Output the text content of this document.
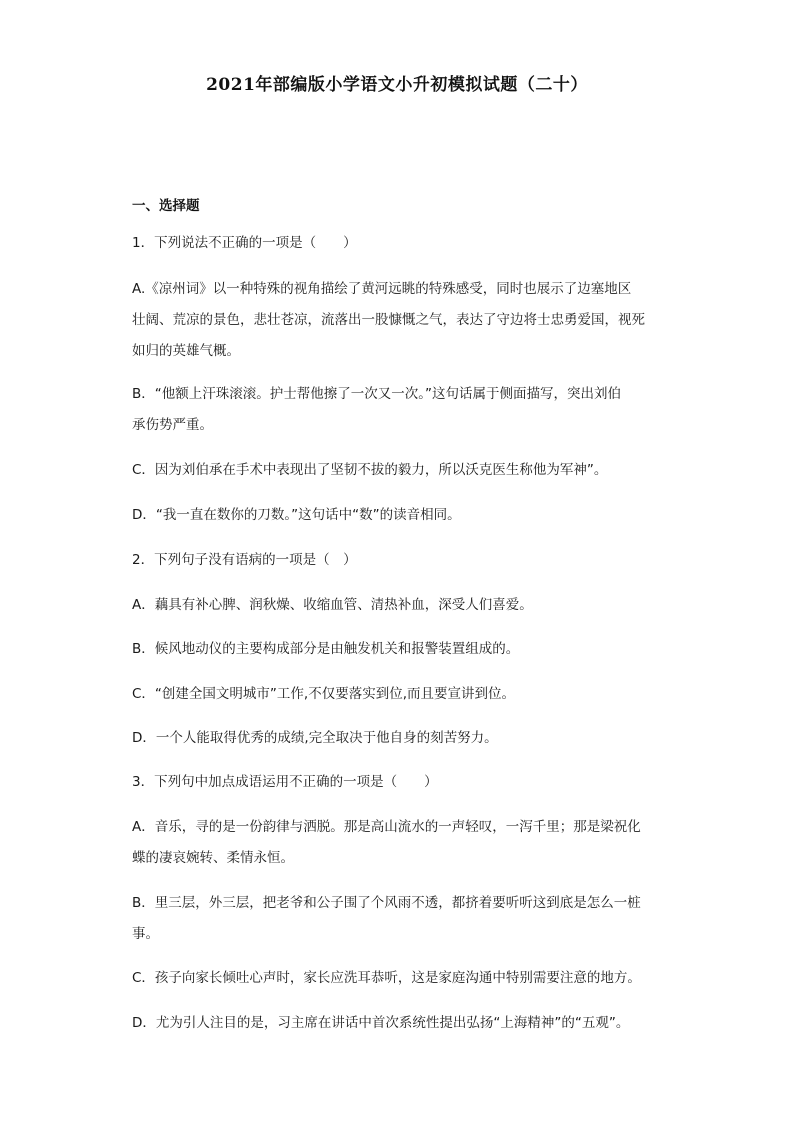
2021年部编版小学语文小升初模拟试题（二十）
一、选择题
1．下列说法不正确的一项是（　　）
A.《凉州词》以一种特殊的视角描绘了黄河远眺的特殊感受，同时也展示了边塞地区
壮阔、荒凉的景色，悲壮苍凉，流落出一股慷慨之气，表达了守边将士忠勇爱国，视死
如归的英雄气概。
B．“他额上汗珠滚滚。护士帮他擦了一次又一次。”这句话属于侧面描写，突出刘伯
承伤势严重。
C．因为刘伯承在手术中表现出了坚韧不拔的毅力，所以沃克医生称他为军神”。
D．“我一直在数你的刀数。”这句话中“数”的读音相同。
2．下列句子没有语病的一项是（　）
A．藕具有补心脾、润秋燥、收缩血管、清热补血，深受人们喜爱。
B．候风地动仪的主要构成部分是由触发机关和报警装置组成的。
C．“创建全国文明城市”工作,不仅要落实到位,而且要宣讲到位。
D．一个人能取得优秀的成绩,完全取决于他自身的刻苦努力。
3．下列句中加点成语运用不正确的一项是（　　）
A．音乐，寻的是一份韵律与洒脱。那是高山流水的一声轻叹，一泻千里；那是梁祝化
蝶的凄哀婉转、柔情永恒。
B．里三层，外三层，把老爷和公子围了个风雨不透，都挤着要听听这到底是怎么一桩
事。
C．孩子向家长倾吐心声时，家长应洗耳恭听，这是家庭沟通中特别需要注意的地方。
D．尤为引人注目的是，习主席在讲话中首次系统性提出弘扬“上海精神”的“五观”。
